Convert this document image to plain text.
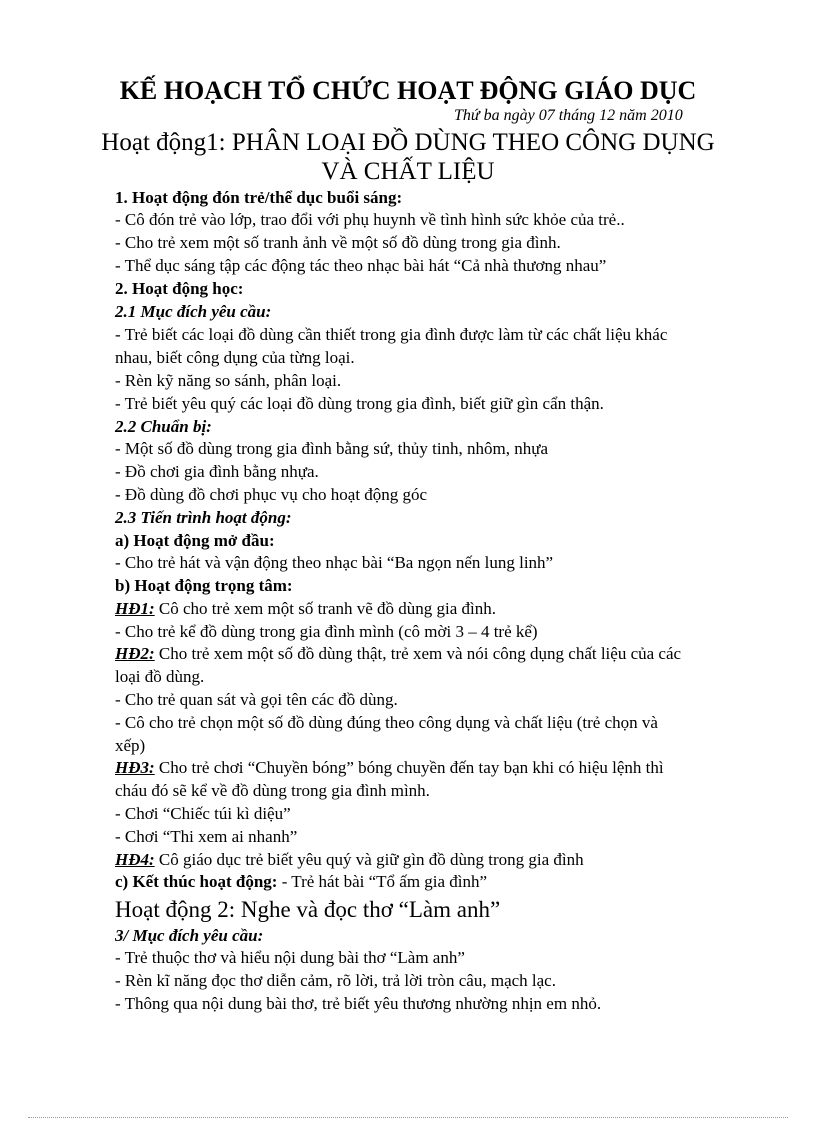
KẾ HOẠCH TỔ CHỨC HOẠT ĐỘNG GIÁO DỤC
Thứ ba ngày 07 tháng 12 năm 2010
Hoạt động1: PHÂN LOẠI ĐỒ DÙNG THEO CÔNG DỤNG
VÀ CHẤT LIỆU
1. Hoạt động đón trẻ/thể dục buổi sáng:
- Cô đón trẻ vào lớp, trao đổi với phụ huynh về tình hình sức khỏe của trẻ..
- Cho trẻ xem một số tranh ảnh về một số đồ dùng trong gia đình.
- Thể dục sáng tập các động tác theo nhạc bài hát “Cả nhà thương nhau”
2. Hoạt động học:
2.1 Mục đích yêu cầu:
- Trẻ biết các loại đồ dùng cần thiết trong gia đình được làm từ các chất liệu khác
nhau, biết công dụng của từng loại.
- Rèn kỹ năng so sánh, phân loại.
- Trẻ biết yêu quý các loại đồ dùng trong gia đình, biết giữ gìn cẩn thận.
2.2 Chuẩn bị:
- Một số đồ dùng trong gia đình bằng sứ, thủy tinh, nhôm, nhựa
- Đồ chơi gia đình bằng nhựa.
- Đồ dùng đồ chơi phục vụ cho hoạt động góc
2.3 Tiến trình hoạt động:
a) Hoạt động mở đầu:
- Cho trẻ hát và vận động theo nhạc bài “Ba ngọn nến lung linh”
b) Hoạt động trọng tâm:
HĐ1: Cô cho trẻ xem một số tranh vẽ đồ dùng gia đình.
- Cho trẻ kể đồ dùng trong gia đình mình (cô mời 3 – 4 trẻ kể)
HĐ2: Cho trẻ xem một số đồ dùng thật, trẻ xem và nói công dụng chất liệu của các
loại đồ dùng.
- Cho trẻ quan sát và gọi tên các đồ dùng.
- Cô cho trẻ chọn một số đồ dùng đúng theo công dụng và chất liệu (trẻ chọn và
xếp)
HĐ3: Cho trẻ chơi “Chuyền bóng” bóng chuyền đến tay bạn khi có hiệu lệnh thì
cháu đó sẽ kể về đồ dùng trong gia đình mình.
- Chơi “Chiếc túi kì diệu”
- Chơi “Thi xem ai nhanh”
HĐ4: Cô giáo dục trẻ biết yêu quý và giữ gìn đồ dùng trong gia đình
c) Kết thúc hoạt động: - Trẻ hát bài “Tổ ấm gia đình”
Hoạt động 2: Nghe và đọc thơ “Làm anh”
3/ Mục đích yêu cầu:
- Trẻ thuộc thơ và hiểu nội dung bài thơ “Làm anh”
- Rèn kĩ năng đọc thơ diễn cảm, rõ lời, trả lời tròn câu, mạch lạc.
- Thông qua nội dung bài thơ, trẻ biết yêu thương nhường nhịn em nhỏ.
